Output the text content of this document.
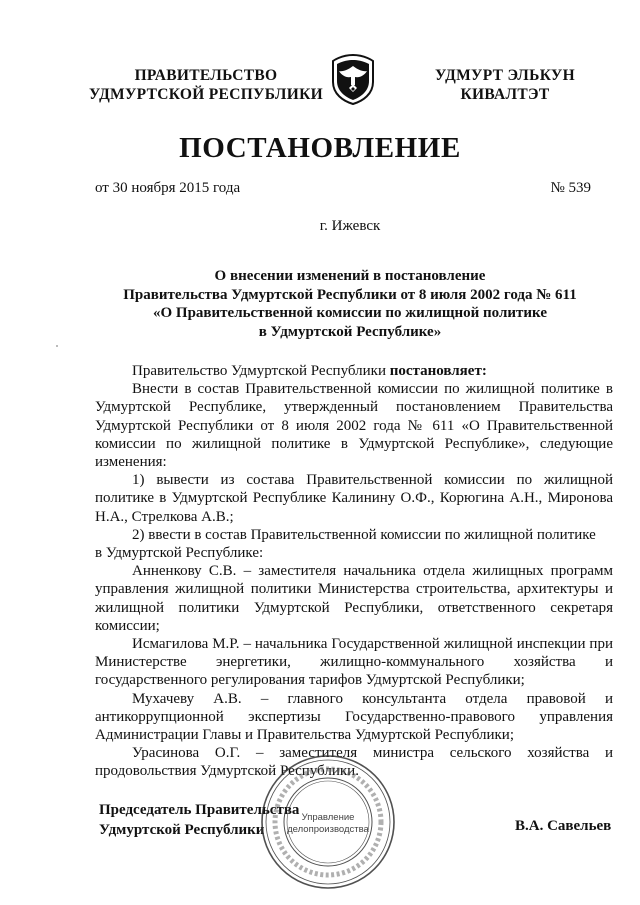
ПРАВИТЕЛЬСТВО
УДМУРТСКОЙ РЕСПУБЛИКИ
УДМУРТ ЭЛЬКУН
КИВАЛТЭТ
ПОСТАНОВЛЕНИЕ
от 30 ноября 2015 года	№ 539
г. Ижевск
О внесении изменений в постановление
Правительства Удмуртской Республики от 8 июля 2002 года № 611
«О Правительственной комиссии по жилищной политике
в Удмуртской Республике»

Правительство Удмуртской Республики постановляет:

Внести в состав Правительственной комиссии по жилищной политике в Удмуртской Республике, утвержденный постановлением Правительства Удмуртской Республики от 8 июля 2002 года № 611 «О Правительственной комиссии по жилищной политике в Удмуртской Республике», следующие изменения:

1) вывести из состава Правительственной комиссии по жилищной политике в Удмуртской Республике Калинину О.Ф., Корюгина А.Н., Миронова Н.А., Стрелкова А.В.;

2) ввести в состав Правительственной комиссии по жилищной политике

в Удмуртской Республике:

Анненкову С.В. – заместителя начальника отдела жилищных программ управления жилищной политики Министерства строительства, архитектуры и жилищной политики Удмуртской Республики, ответственного секретаря комиссии;

Исмагилова М.Р. – начальника Государственной жилищной инспекции при Министерстве энергетики, жилищно-коммунального хозяйства и государственного регулирования тарифов Удмуртской Республики;

Мухачеву А.В. – главного консультанта отдела правовой и антикоррупционной экспертизы Государственно-правового управления Администрации Главы и Правительства Удмуртской Республики;

Урасинова О.Г. – заместителя министра сельского хозяйства и продовольствия Удмуртской Республики.

Председатель Правительства
Удмуртской Республики	В.А. Савельев
Управление
делопроизводства
